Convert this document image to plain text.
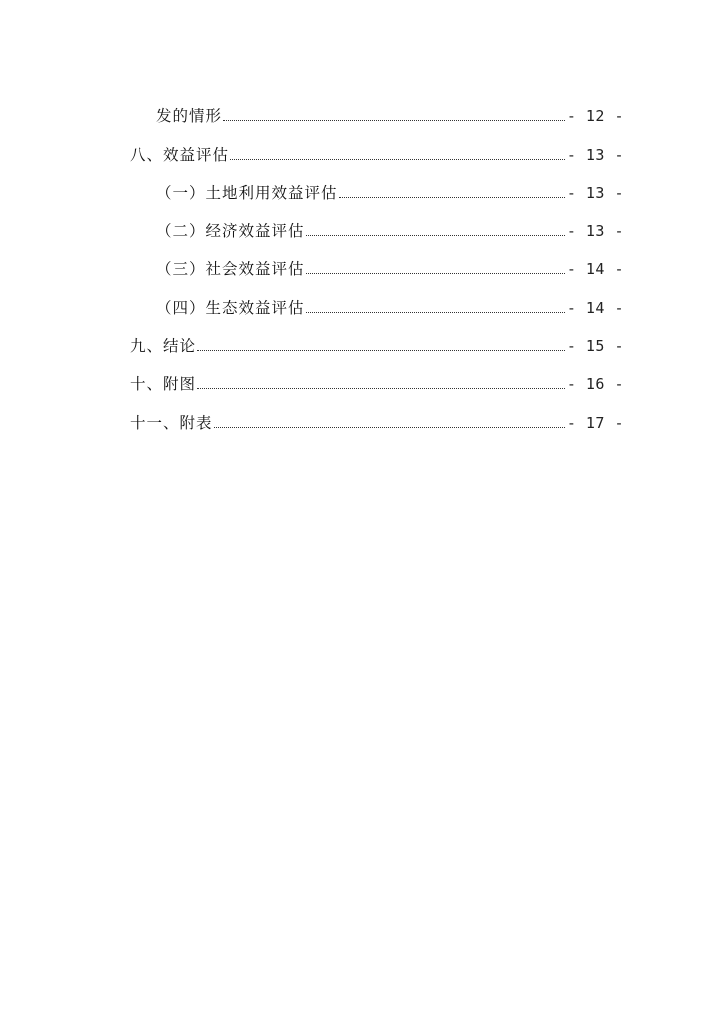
发的情形	- 12 -
八、效益评估	- 13 -
（一）土地利用效益评估	- 13 -
（二）经济效益评估	- 13 -
（三）社会效益评估	- 14 -
（四）生态效益评估	- 14 -
九、结论	- 15 -
十、附图	- 16 -
十一、附表	- 17 -
